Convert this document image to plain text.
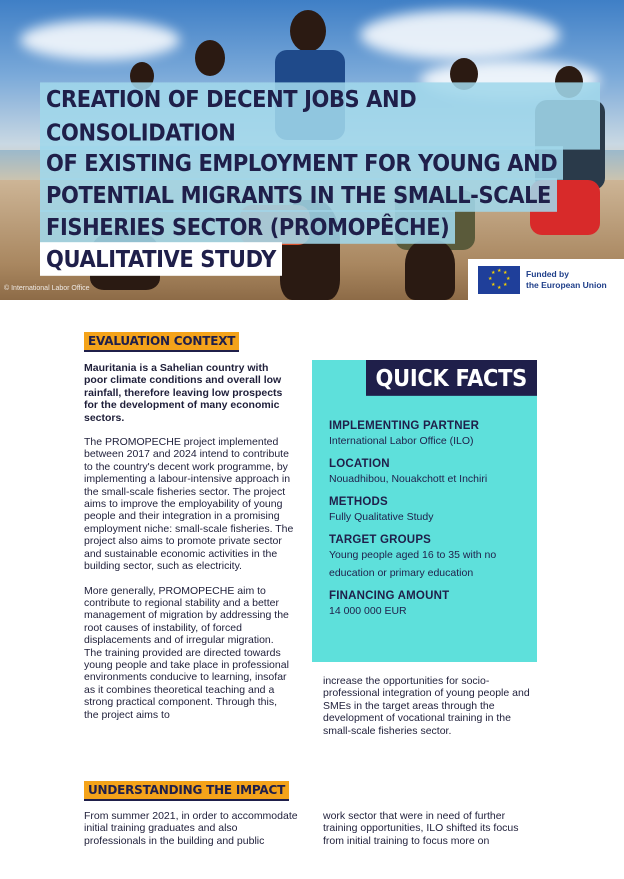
© International Labor Office
CREATION OF DECENT JOBS AND CONSOLIDATION
OF EXISTING EMPLOYMENT FOR YOUNG AND
POTENTIAL MIGRANTS IN THE SMALL-SCALE
FISHERIES SECTOR (PROMOPÊCHE)
QUALITATIVE STUDY	★ ★
★
★
★
★
★
★	Funded by
the European Union
EVALUATION CONTEXT

Mauritania is a Sahelian country with poor climate conditions and overall low rainfall, therefore leaving low prospects for the development of many economic sectors.

The PROMOPECHE project implemented between 2017 and 2024 intend to contribute to the country's decent work programme, by implementing a labour-intensive approach in the small-scale fisheries sector. The project aims to improve the employability of young people and their integration in a promising employment niche: small-scale fisheries. The project also aims to promote private sector and sustainable economic activities in the building sector, such as electricity.

More generally, PROMOPECHE aim to contribute to regional stability and a better management of migration by addressing the root causes of instability, of forced displacements and of irregular migration. The training provided are directed towards young people and take place in professional environments conducive to learning, insofar as it combines theoretical teaching and a strong practical component. Through this, the project aims to

increase the opportunities for socio-professional integration of young people and SMEs in the target areas through the development of vocational training in the small-scale fisheries sector.

QUICK FACTS
IMPLEMENTING PARTNER
International Labor Office (ILO)
LOCATION
Nouadhibou, Nouakchott et Inchiri
METHODS
Fully Qualitative Study
TARGET GROUPS
Young people aged 16 to 35 with no education or primary education
FINANCING AMOUNT
14 000 000 EUR
UNDERSTANDING THE IMPACT

From summer 2021, in order to accommodate initial training graduates and also professionals in the building and public

work sector that were in need of further training opportunities, ILO shifted its focus from initial training to focus more on
